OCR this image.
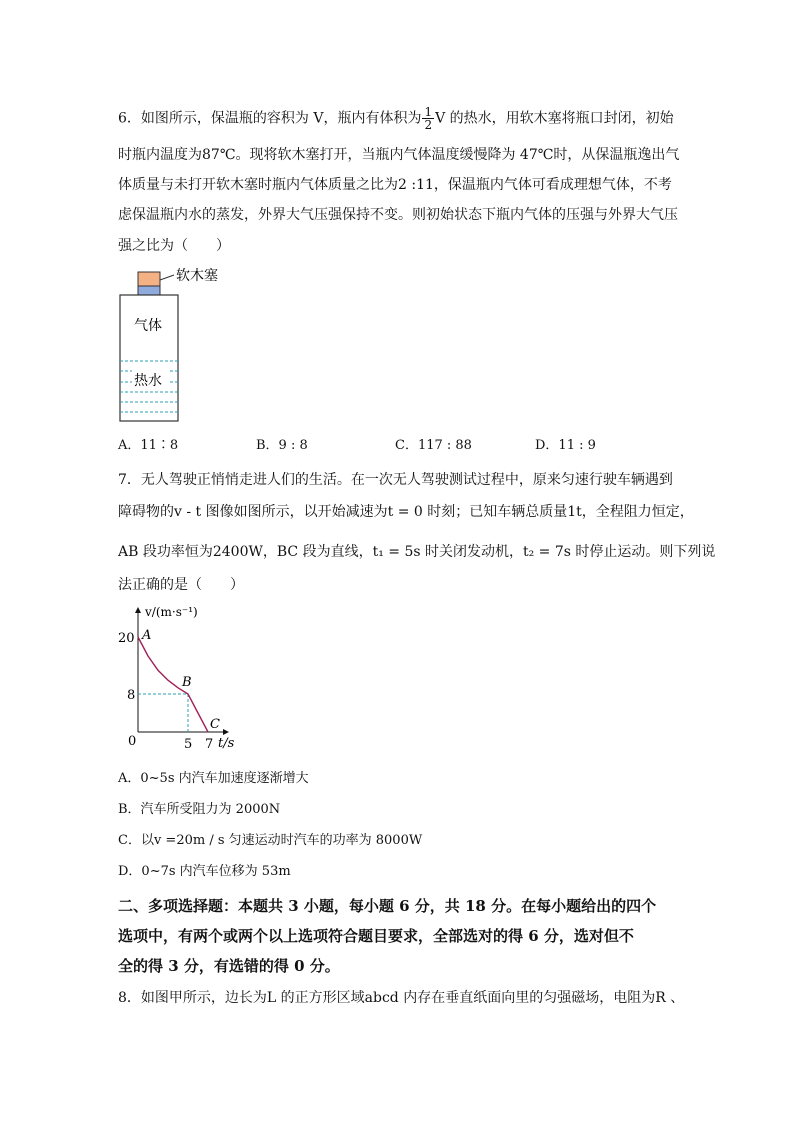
6．如图所示，保温瓶的容积为 V，瓶内有体积为 $\frac{1}{2}$ V 的热水，用软木塞将瓶口封闭，初始
时瓶内温度为87℃。现将软木塞打开，当瓶内气体温度缓慢降为 47℃时，从保温瓶逸出气
体质量与未打开软木塞时瓶内气体质量之比为2 :11，保温瓶内气体可看成理想气体，不考
虑保温瓶内水的蒸发，外界大气压强保持不变。则初始状态下瓶内气体的压强与外界大气压
强之比为（　　）
软木塞
气体
热水
A．11∶8	B．9 : 8	C．117 : 88	D．11 : 9
7．无人驾驶正悄悄走进人们的生活。在一次无人驾驶测试过程中，原来匀速行驶车辆遇到
障碍物的v - t 图像如图所示，以开始减速为t = 0 时刻；已知车辆总质量1t，全程阻力恒定，
AB 段功率恒为2400W，BC 段为直线，t₁ = 5s 时关闭发动机，t₂ = 7s 时停止运动。则下列说
法正确的是（　　）
v/(m·s⁻¹)
t/s
0	5 7
8
20 A
B
C
A．0~5s 内汽车加速度逐渐增大
B．汽车所受阻力为 2000N
C．以v =20m / s 匀速运动时汽车的功率为 8000W
D．0~7s 内汽车位移为 53m
二、多项选择题：本题共 3 小题，每小题 6 分，共 18 分。在每小题给出的四个
选项中，有两个或两个以上选项符合题目要求，全部选对的得 6 分，选对但不
全的得 3 分，有选错的得 0 分。
8．如图甲所示，边长为L 的正方形区域abcd 内存在垂直纸面向里的匀强磁场，电阻为R 、
